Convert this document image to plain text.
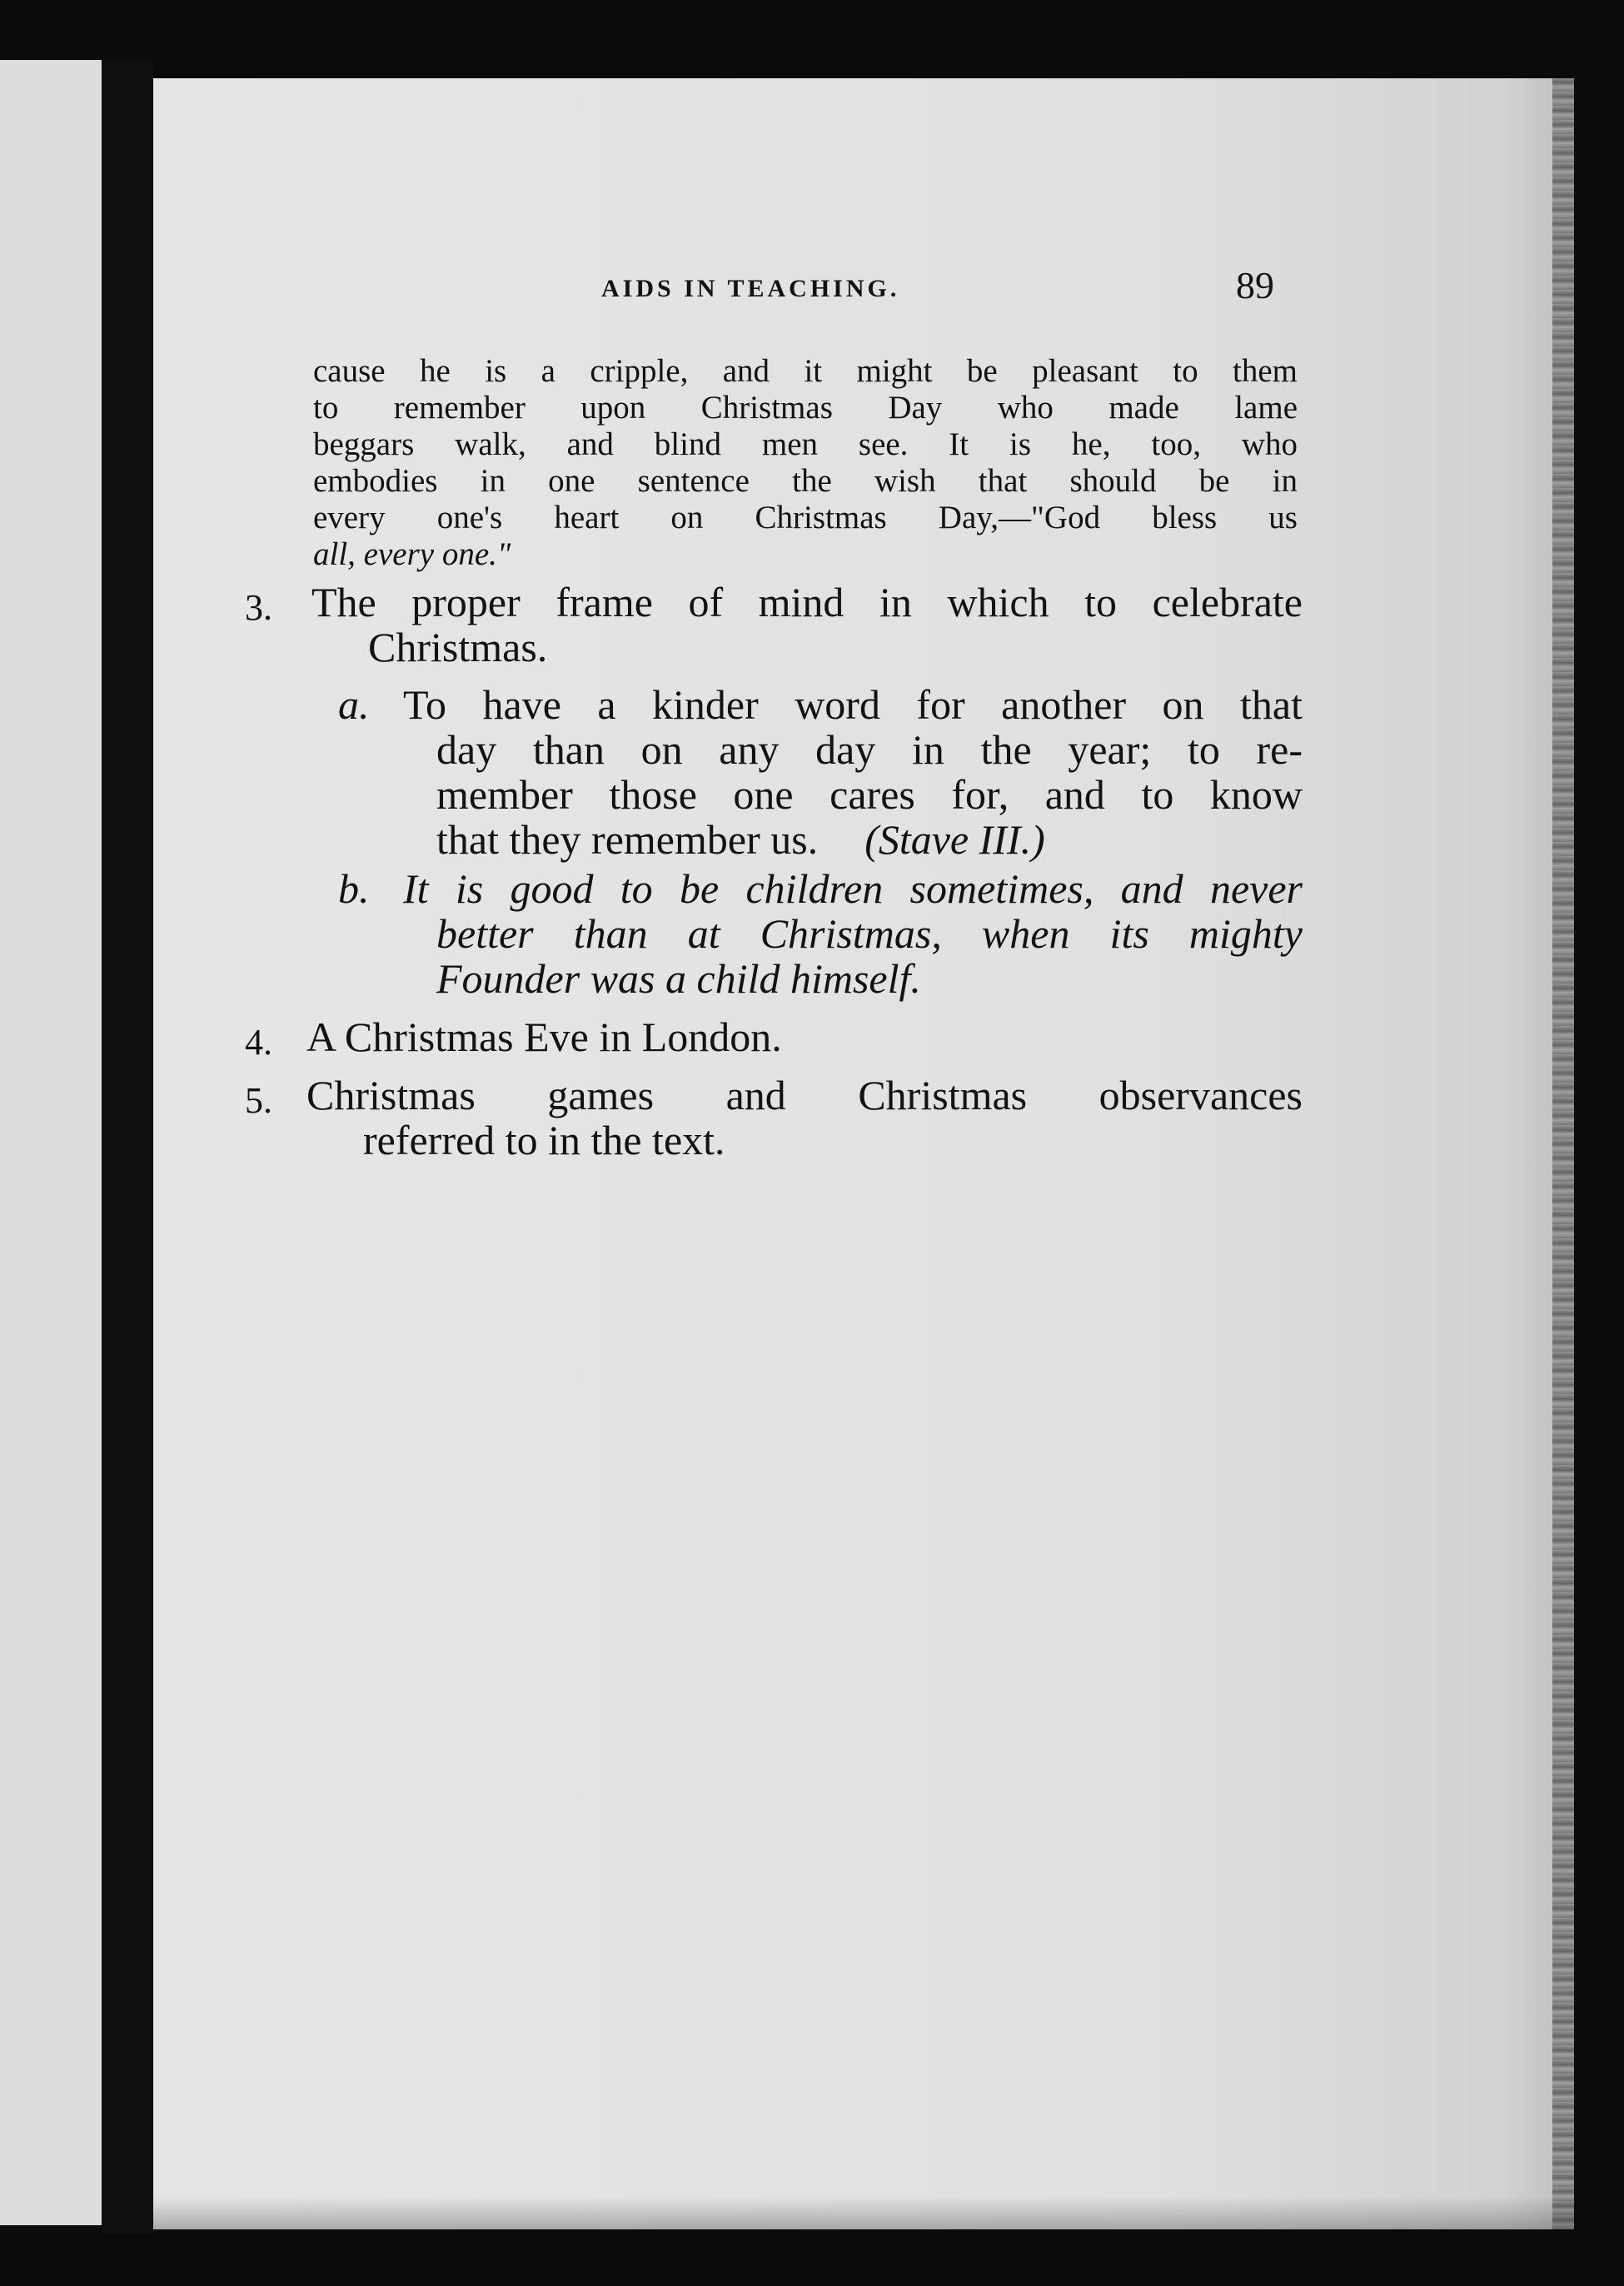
AIDS IN TEACHING.	89
cause he is a cripple, and it might be pleasant to them
to remember upon Christmas Day who made lame
beggars walk, and blind men see. It is he, too, who
embodies in one sentence the wish that should be in
every one's heart on Christmas Day,—"God bless us
all, every one."
3. The proper frame of mind in which to celebrate
Christmas.
a. To have a kinder word for another on that
day than on any day in the year; to re-
member those one cares for, and to know
that they remember us. (Stave III.)
b. It is good to be children sometimes, and never
better than at Christmas, when its mighty
Founder was a child himself.
4. A Christmas Eve in London.
5. Christmas games and Christmas observances
referred to in the text.
